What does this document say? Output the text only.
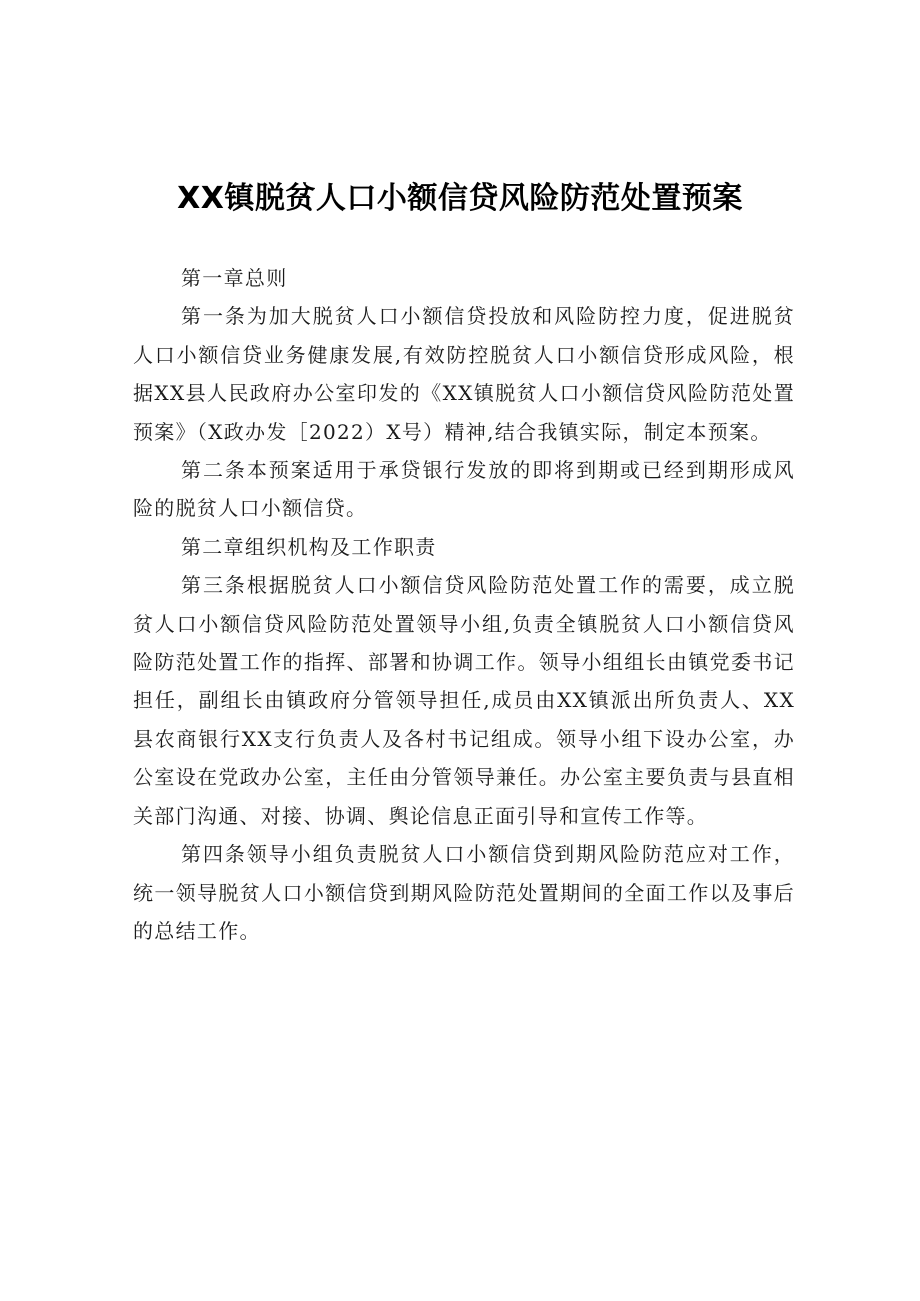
XX镇脱贫人口小额信贷风险防范处置预案

第一章总则

第一条为加大脱贫人口小额信贷投放和风险防控力度，促进脱贫人口小额信贷业务健康发展,有效防控脱贫人口小额信贷形成风险，根据XX县人民政府办公室印发的《XX镇脱贫人口小额信贷风险防范处置预案》（X政办发［2022）X号）精神,结合我镇实际，制定本预案。

第二条本预案适用于承贷银行发放的即将到期或已经到期形成风险的脱贫人口小额信贷。

第二章组织机构及工作职责

第三条根据脱贫人口小额信贷风险防范处置工作的需要，成立脱贫人口小额信贷风险防范处置领导小组,负责全镇脱贫人口小额信贷风险防范处置工作的指挥、部署和协调工作。领导小组组长由镇党委书记担任，副组长由镇政府分管领导担任,成员由XX镇派出所负责人、XX县农商银行XX支行负责人及各村书记组成。领导小组下设办公室，办公室设在党政办公室，主任由分管领导兼任。办公室主要负责与县直相关部门沟通、对接、协调、舆论信息正面引导和宣传工作等。

第四条领导小组负责脱贫人口小额信贷到期风险防范应对工作，统一领导脱贫人口小额信贷到期风险防范处置期间的全面工作以及事后的总结工作。
